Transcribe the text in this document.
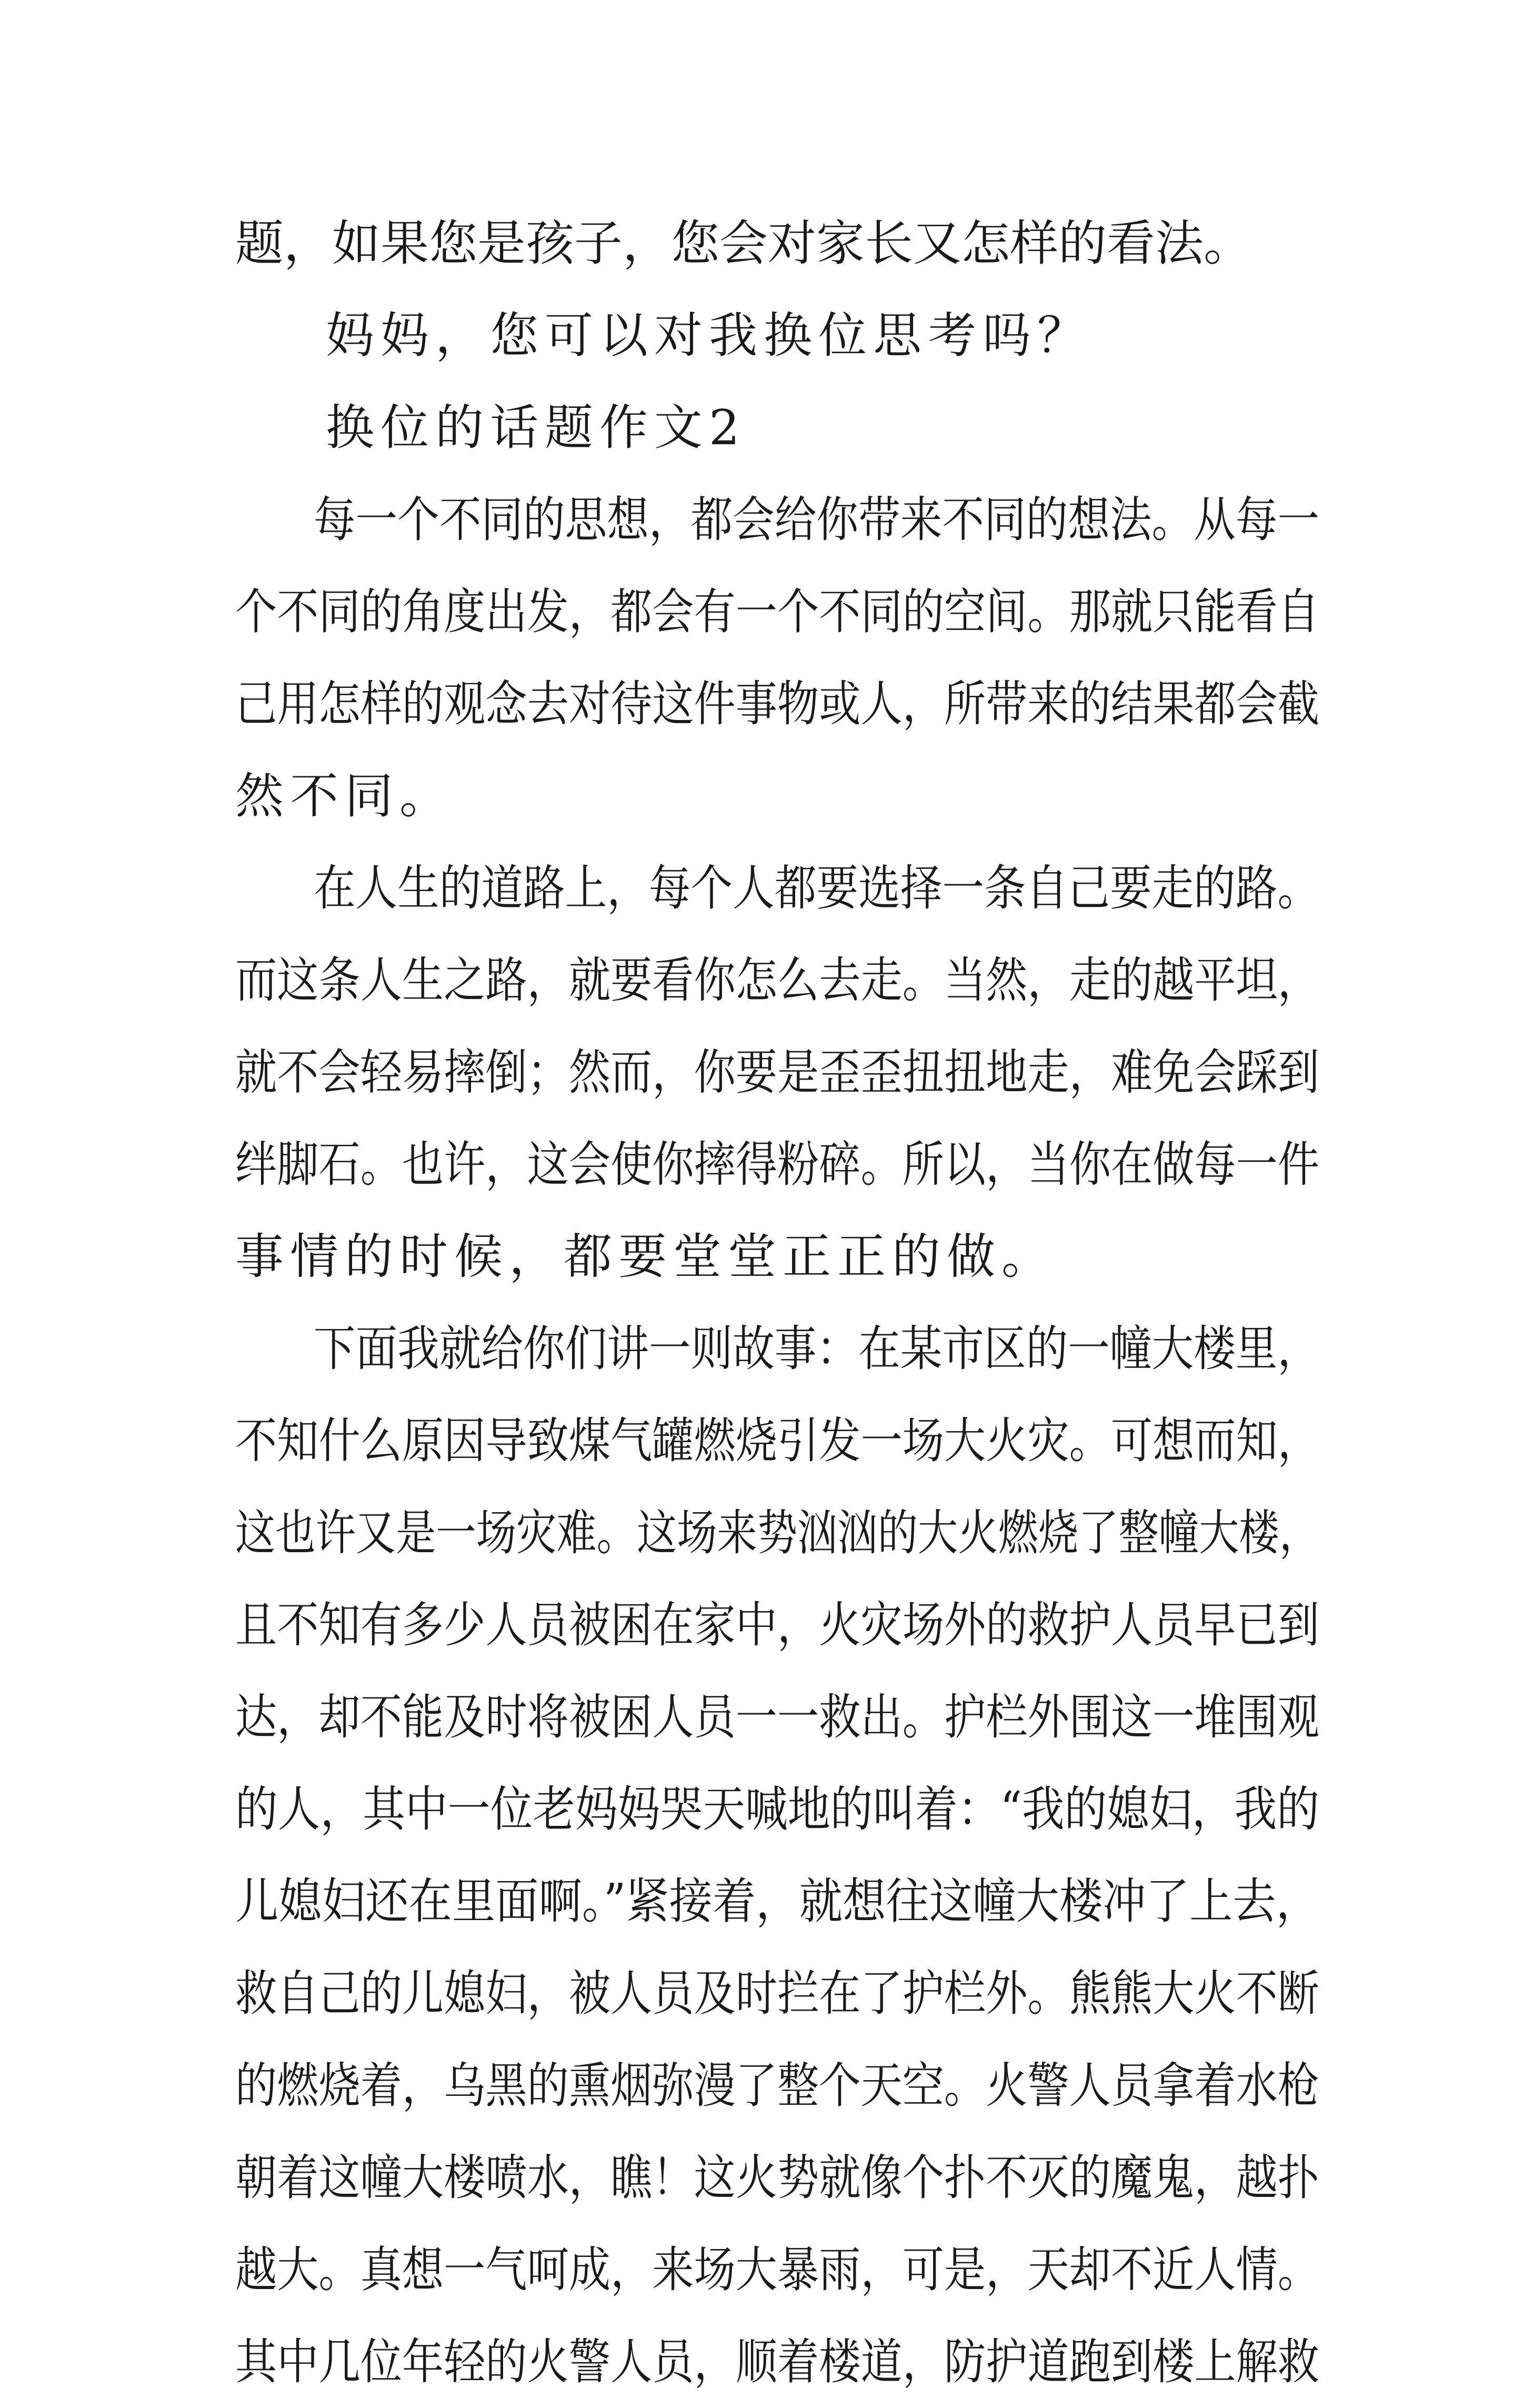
题，如果您是孩子，您会对家长又怎样的看法。
妈妈，您可以对我换位思考吗？
换位的话题作文2
每一个不同的思想，都会给你带来不同的想法。从每一
个不同的角度出发，都会有一个不同的空间。那就只能看自
己用怎样的观念去对待这件事物或人，所带来的结果都会截
然不同。
在人生的道路上，每个人都要选择一条自己要走的路。
而这条人生之路，就要看你怎么去走。当然，走的越平坦，
就不会轻易摔倒；然而，你要是歪歪扭扭地走，难免会踩到
绊脚石。也许，这会使你摔得粉碎。所以，当你在做每一件
事情的时候，都要堂堂正正的做。
下面我就给你们讲一则故事：在某市区的一幢大楼里，
不知什么原因导致煤气罐燃烧引发一场大火灾。可想而知，
这也许又是一场灾难。这场来势汹汹的大火燃烧了整幢大楼，
且不知有多少人员被困在家中，火灾场外的救护人员早已到
达，却不能及时将被困人员一一救出。护栏外围这一堆围观
的人，其中一位老妈妈哭天喊地的叫着：“我的媳妇，我的
儿媳妇还在里面啊。”紧接着，就想往这幢大楼冲了上去，
救自己的儿媳妇，被人员及时拦在了护栏外。熊熊大火不断
的燃烧着，乌黑的熏烟弥漫了整个天空。火警人员拿着水枪
朝着这幢大楼喷水，瞧！这火势就像个扑不灭的魔鬼，越扑
越大。真想一气呵成，来场大暴雨，可是，天却不近人情。
其中几位年轻的火警人员，顺着楼道，防护道跑到楼上解救
